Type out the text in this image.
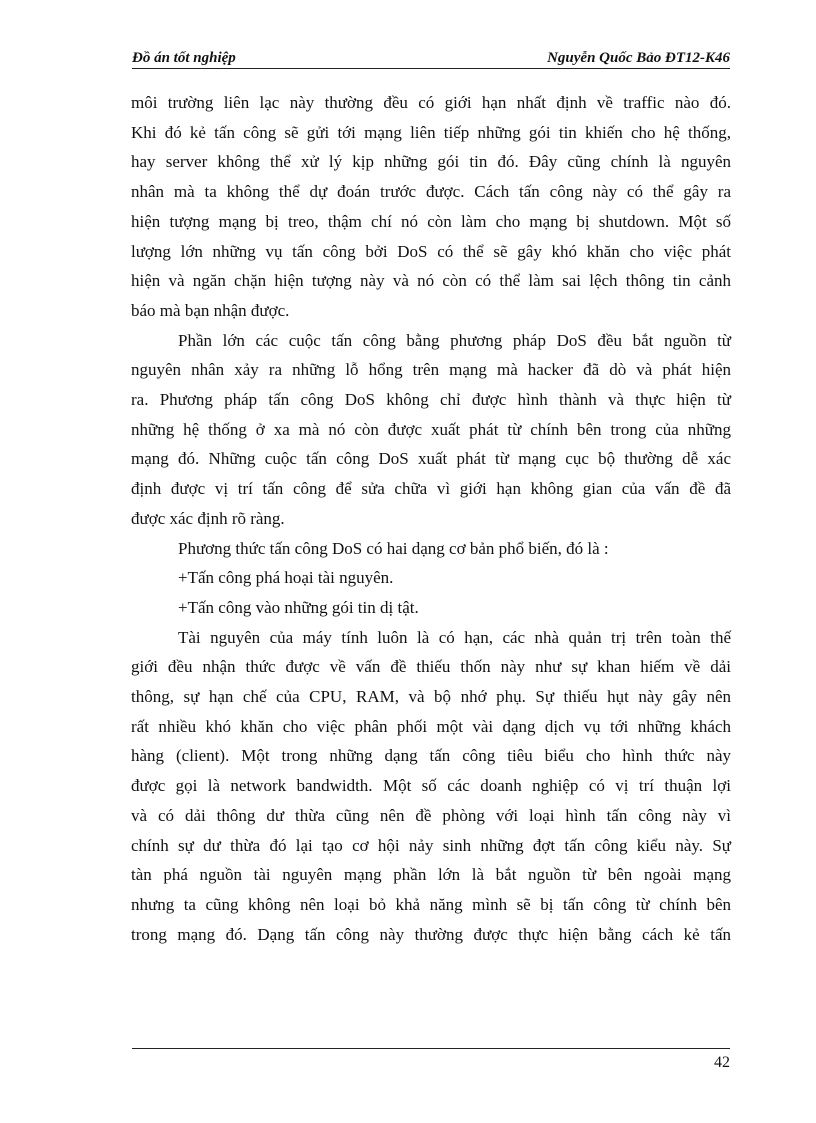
Đồ án tốt nghiệp	Nguyễn Quốc Bảo ĐT12-K46
môi trường liên lạc này thường đều có giới hạn nhất định về traffic nào đó.
Khi đó kẻ tấn công sẽ gửi tới mạng liên tiếp những gói tin khiến cho hệ thống,
hay server không thể xử lý kịp những gói tin đó. Đây cũng chính là nguyên
nhân mà ta không thể dự đoán trước được. Cách tấn công này có thể gây ra
hiện tượng mạng bị treo, thậm chí nó còn làm cho mạng bị shutdown. Một số
lượng lớn những vụ tấn công bởi DoS có thể sẽ gây khó khăn cho việc phát
hiện và ngăn chặn hiện tượng này và nó còn có thể làm sai lệch thông tin cảnh
báo mà bạn nhận được.
Phần lớn các cuộc tấn công bằng phương pháp DoS đều bắt nguồn từ
nguyên nhân xảy ra những lỗ hổng trên mạng mà hacker đã dò và phát hiện
ra. Phương pháp tấn công DoS không chỉ được hình thành và thực hiện từ
những hệ thống ở xa mà nó còn được xuất phát từ chính bên trong của những
mạng đó. Những cuộc tấn công DoS xuất phát từ mạng cục bộ thường dễ xác
định được vị trí tấn công để sửa chữa vì giới hạn không gian của vấn đề đã
được xác định rõ ràng.
Phương thức tấn công DoS có hai dạng cơ bản phổ biến, đó là :
+Tấn công phá hoại tài nguyên.
+Tấn công vào những gói tin dị tật.
Tài nguyên của máy tính luôn là có hạn, các nhà quản trị trên toàn thế
giới đều nhận thức được về vấn đề thiếu thốn này như sự khan hiếm về dải
thông, sự hạn chế của CPU, RAM, và bộ nhớ phụ. Sự thiếu hụt này gây nên
rất nhiều khó khăn cho việc phân phối một vài dạng dịch vụ tới những khách
hàng (client). Một trong những dạng tấn công tiêu biểu cho hình thức này
được gọi là network bandwidth. Một số các doanh nghiệp có vị trí thuận lợi
và có dải thông dư thừa cũng nên đề phòng với loại hình tấn công này vì
chính sự dư thừa đó lại tạo cơ hội nảy sinh những đợt tấn công kiểu này. Sự
tàn phá nguồn tài nguyên mạng phần lớn là bắt nguồn từ bên ngoài mạng
nhưng ta cũng không nên loại bỏ khả năng mình sẽ bị tấn công từ chính bên
trong mạng đó. Dạng tấn công này thường được thực hiện bằng cách kẻ tấn
42
